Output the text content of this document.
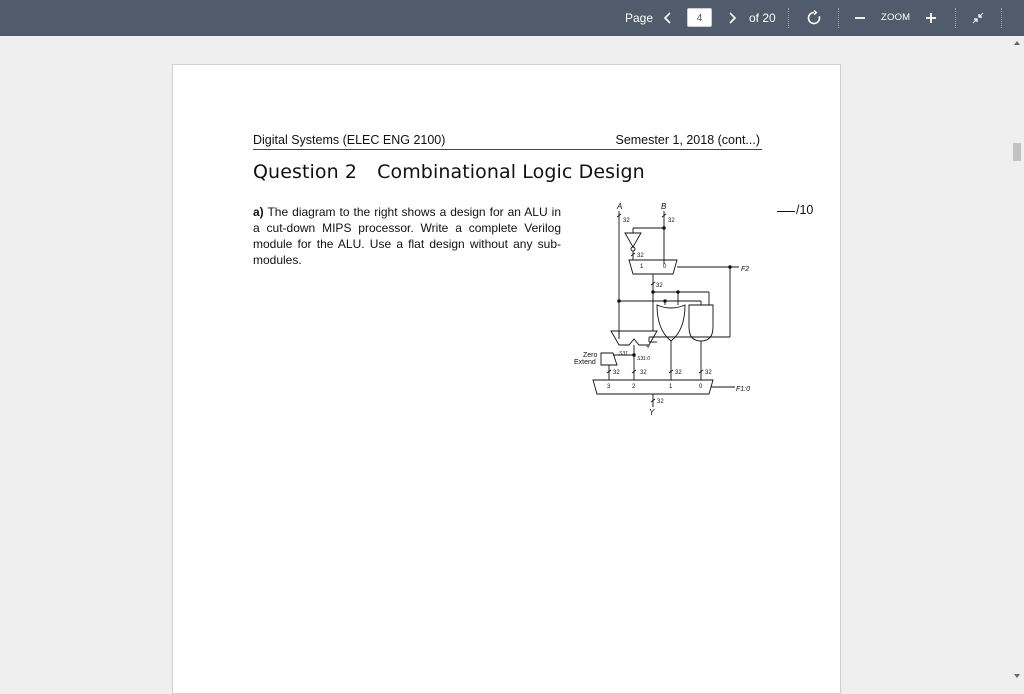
Page	4	of 20	ZOOM
Digital Systems (ELEC ENG 2100)	Semester 1, 2018 (cont...)
Question 2 Combinational Logic Design
a) The diagram to the right shows a design for an ALU in a cut-down MIPS processor. Write a complete Verilog module for the ALU. Use a flat design without any sub-modules.
/10
A	B
32	32
32
1	0	F2
32
+
S31
S31:0
Zero
Extend
32	32	32	32
3	2	1	0	F1:0
32
Y
